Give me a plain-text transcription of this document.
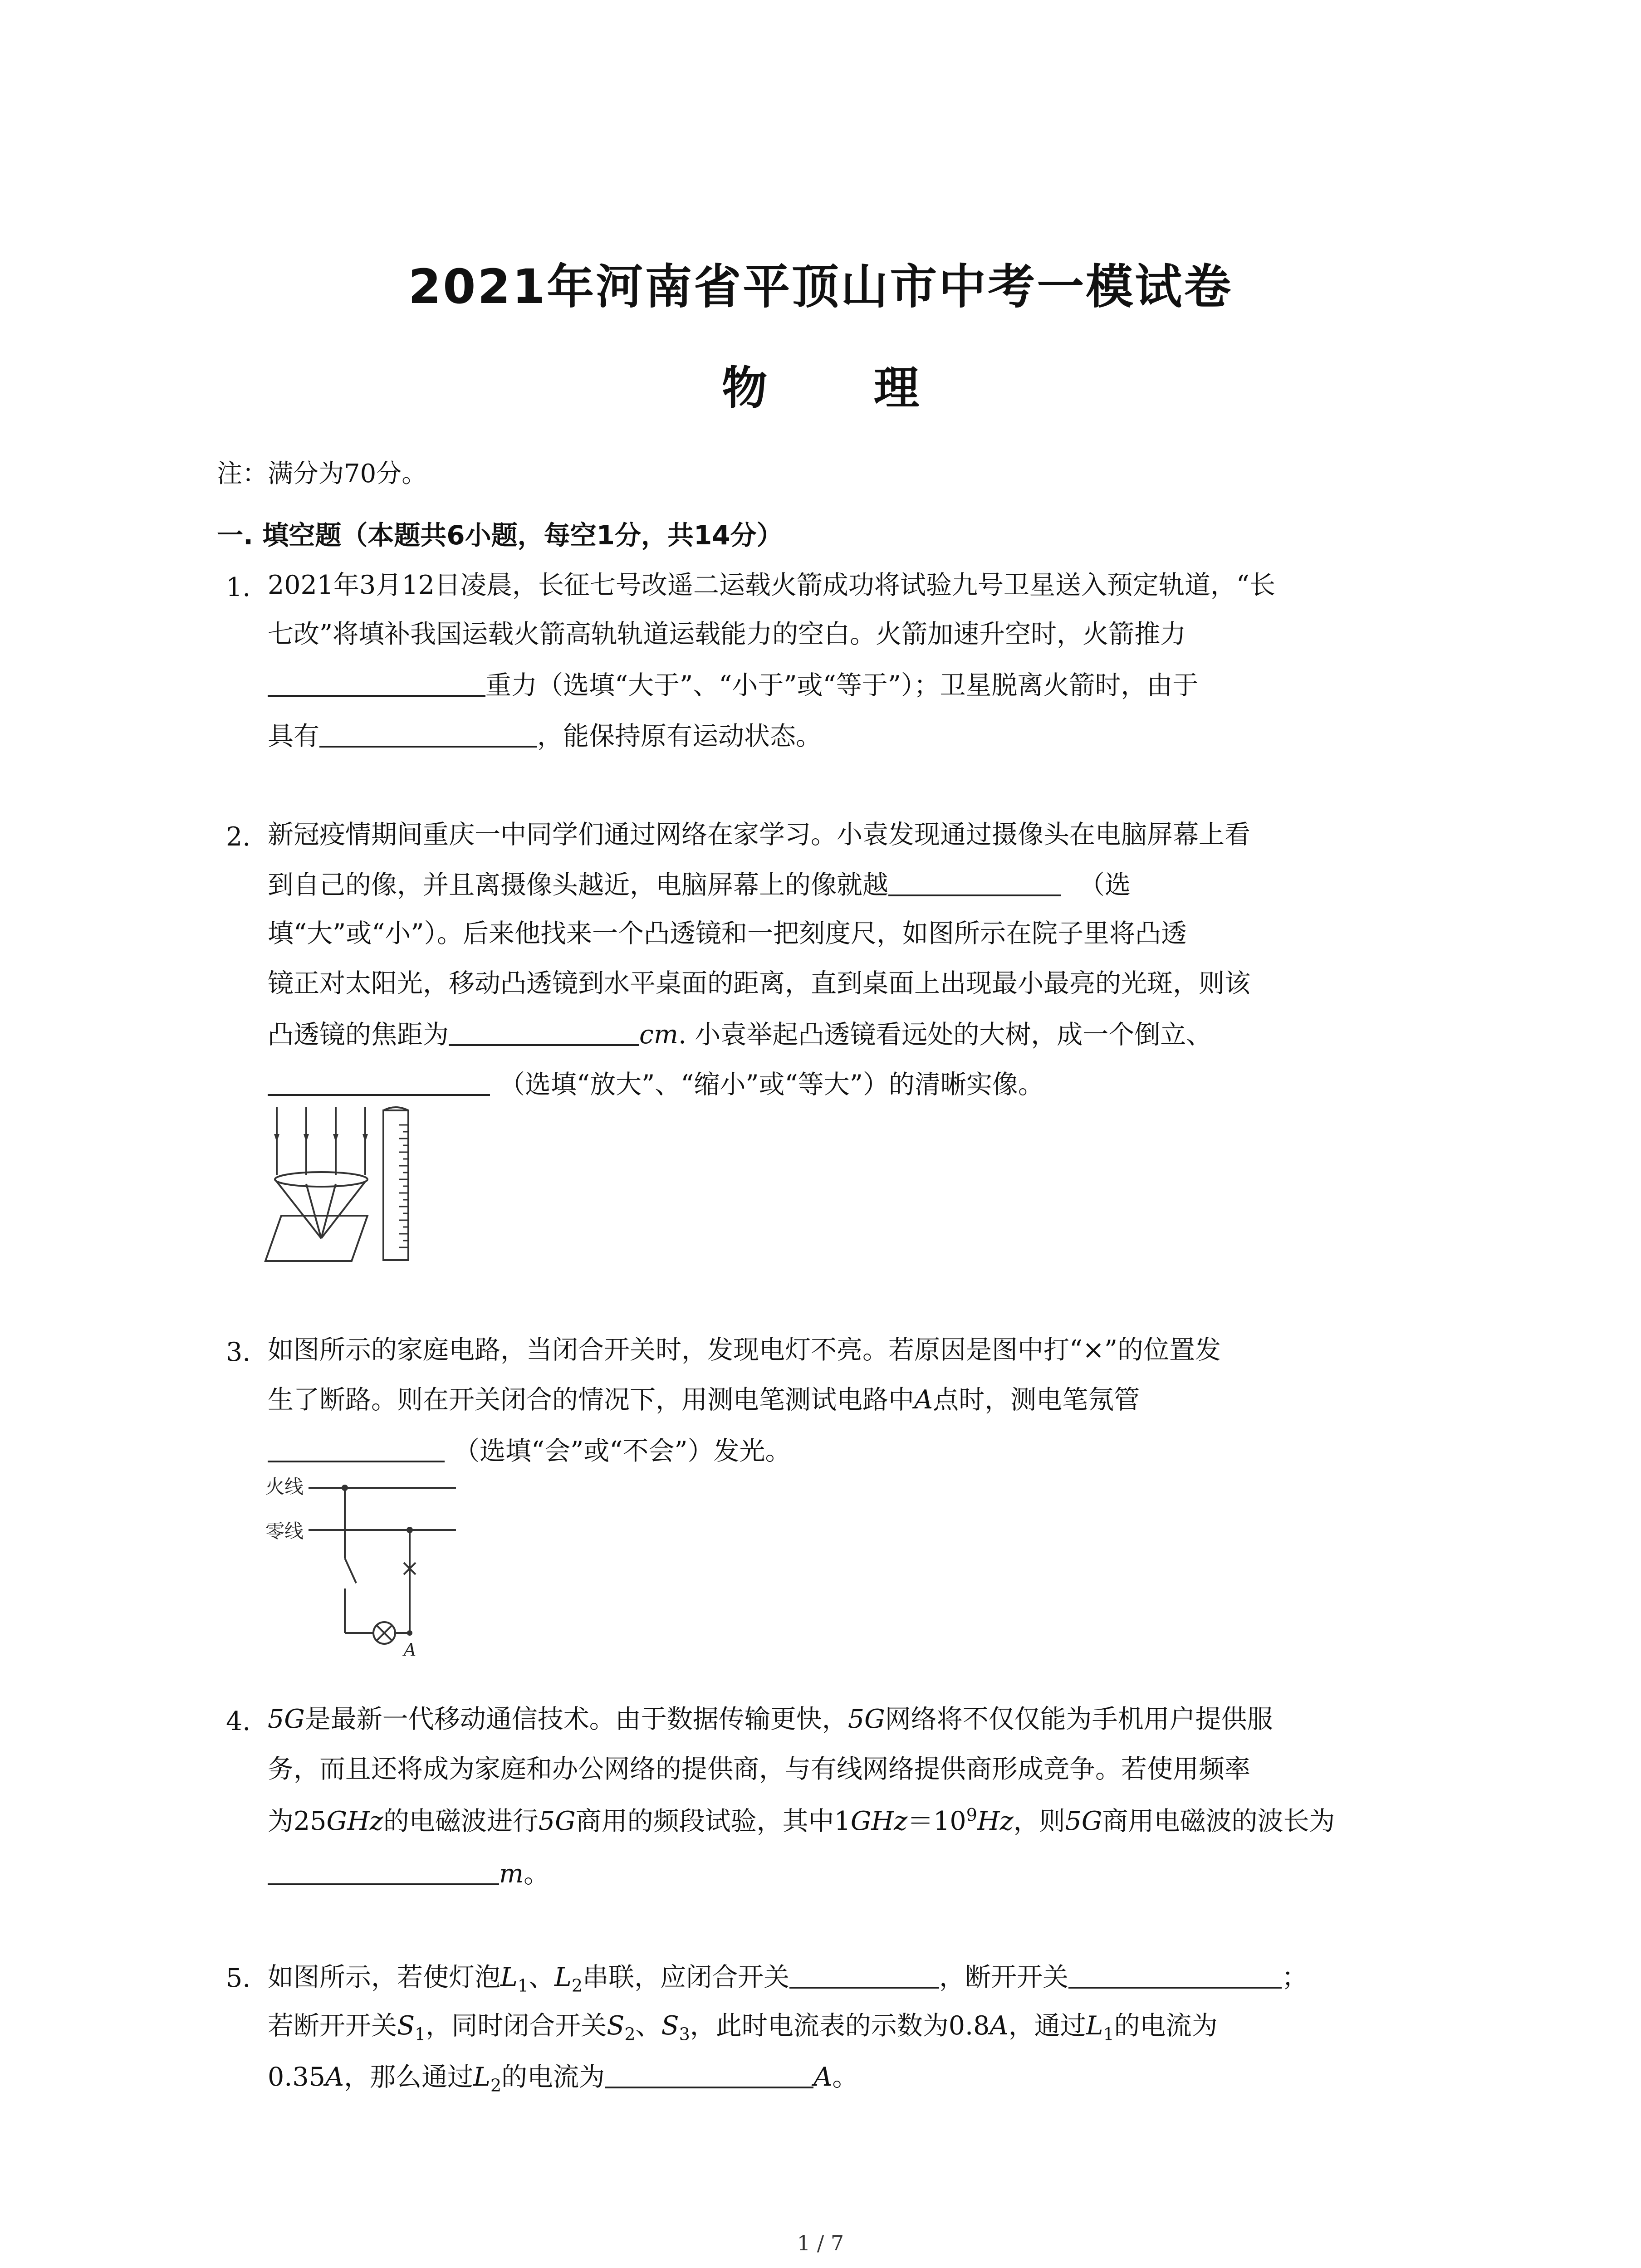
2021年河南省平顶山市中考一模试卷
物 理
注：满分为70分。
一. 填空题（本题共6小题，每空1分，共14分）
1. 2021年3月12日凌晨，长征七号改遥二运载火箭成功将试验九号卫星送入预定轨道，“长
七改”将填补我国运载火箭高轨轨道运载能力的空白。火箭加速升空时，火箭推力
重力（选填“大于”、“小于”或“等于”）；卫星脱离火箭时，由于
具有	，能保持原有运动状态。
2. 新冠疫情期间重庆一中同学们通过网络在家学习。小袁发现通过摄像头在电脑屏幕上看
到自己的像，并且离摄像头越近，电脑屏幕上的像就越	（选
填“大”或“小”）。后来他找来一个凸透镜和一把刻度尺，如图所示在院子里将凸透
镜正对太阳光，移动凸透镜到水平桌面的距离，直到桌面上出现最小最亮的光斑，则该
凸透镜的焦距为	cm. 小袁举起凸透镜看远处的大树，成一个倒立、
（选填“放大”、“缩小”或“等大”）的清晰实像。
3. 如图所示的家庭电路，当闭合开关时，发现电灯不亮。若原因是图中打“×”的位置发
生了断路。则在开关闭合的情况下，用测电笔测试电路中A点时，测电笔氖管
（选填“会”或“不会”）发光。
火线
零线
A
4. 5G是最新一代移动通信技术。由于数据传输更快，5G网络将不仅仅能为手机用户提供服
务，而且还将成为家庭和办公网络的提供商，与有线网络提供商形成竞争。若使用频率
为25GHz的电磁波进行5G商用的频段试验，其中$1GHz=10^9Hz$，则5G商用电磁波的波长为
m。
5. 如图所示，若使灯泡$L_1$、$L_2$串联，应闭合开关	，断开开关	；
若断开开关$S_1$，同时闭合开关$S_2$、$S_3$，此时电流表的示数为0.8A，通过$L_1$的电流为
0.35A，那么通过$L_2$的电流为	A。
1 / 7
